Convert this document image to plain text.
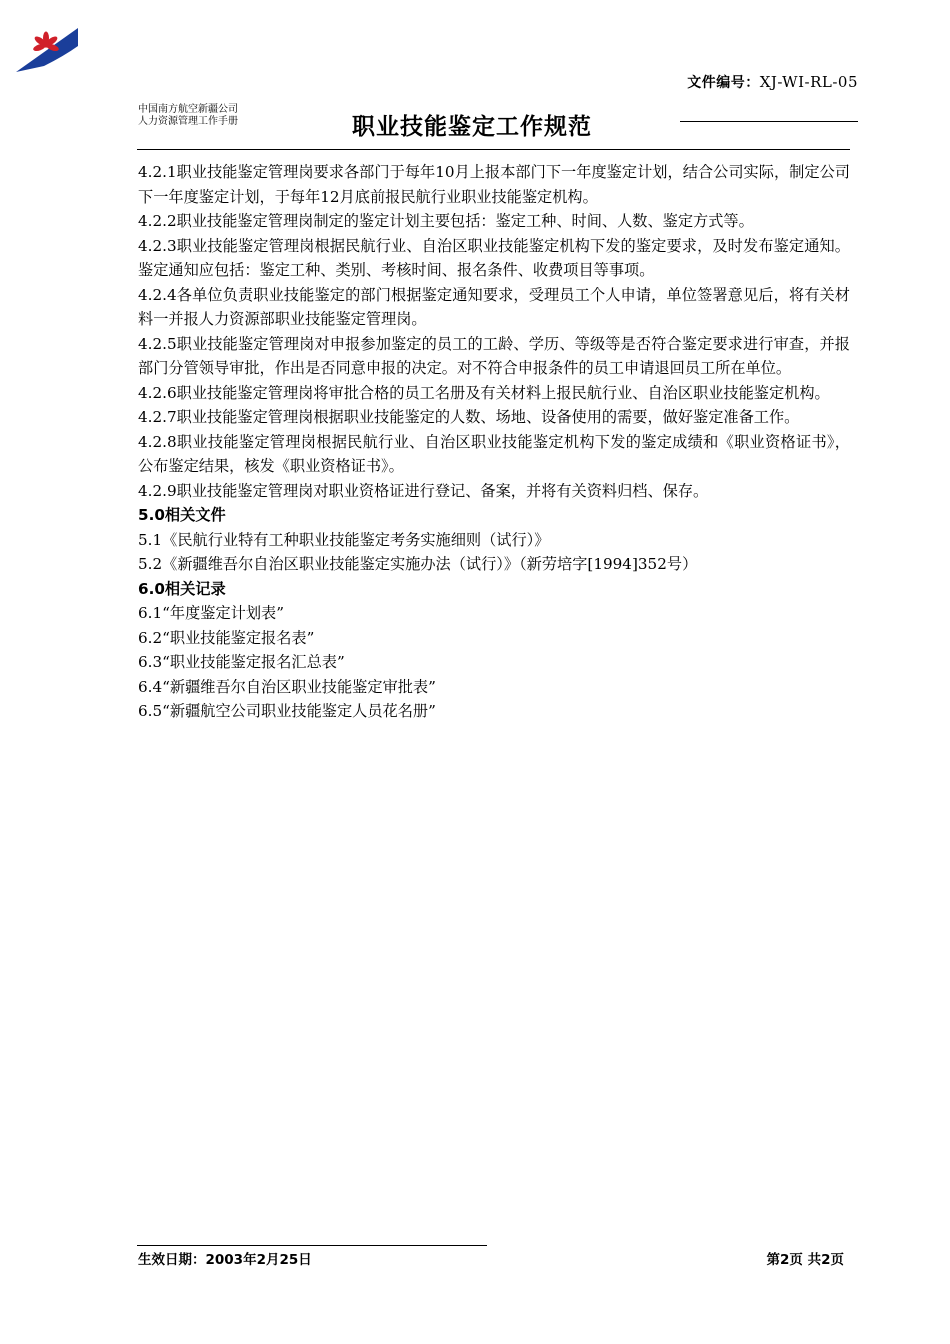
文件编号：XJ-WI-RL-05
中国南方航空新疆公司
人力资源管理工作手册	职业技能鉴定工作规范

4.2.1职业技能鉴定管理岗要求各部门于每年10月上报本部门下一年度鉴定计划，结合公司实际，制定公司下一年度鉴定计划，于每年12月底前报民航行业职业技能鉴定机构。

4.2.2职业技能鉴定管理岗制定的鉴定计划主要包括：鉴定工种、时间、人数、鉴定方式等。

4.2.3职业技能鉴定管理岗根据民航行业、自治区职业技能鉴定机构下发的鉴定要求，及时发布鉴定通知。鉴定通知应包括：鉴定工种、类别、考核时间、报名条件、收费项目等事项。

4.2.4各单位负责职业技能鉴定的部门根据鉴定通知要求，受理员工个人申请，单位签署意见后，将有关材料一并报人力资源部职业技能鉴定管理岗。

4.2.5职业技能鉴定管理岗对申报参加鉴定的员工的工龄、学历、等级等是否符合鉴定要求进行审查，并报部门分管领导审批，作出是否同意申报的决定。对不符合申报条件的员工申请退回员工所在单位。

4.2.6职业技能鉴定管理岗将审批合格的员工名册及有关材料上报民航行业、自治区职业技能鉴定机构。

4.2.7职业技能鉴定管理岗根据职业技能鉴定的人数、场地、设备使用的需要，做好鉴定准备工作。

4.2.8职业技能鉴定管理岗根据民航行业、自治区职业技能鉴定机构下发的鉴定成绩和《职业资格证书》，公布鉴定结果，核发《职业资格证书》。

4.2.9职业技能鉴定管理岗对职业资格证进行登记、备案，并将有关资料归档、保存。

5.0相关文件

5.1《民航行业特有工种职业技能鉴定考务实施细则（试行）》

5.2《新疆维吾尔自治区职业技能鉴定实施办法（试行）》（新劳培字[1994]352号）

6.0相关记录

6.1“年度鉴定计划表”

6.2“职业技能鉴定报名表”

6.3“职业技能鉴定报名汇总表”

6.4“新疆维吾尔自治区职业技能鉴定审批表”

6.5“新疆航空公司职业技能鉴定人员花名册”

生效日期：2003年2月25日	第2页 共2页
